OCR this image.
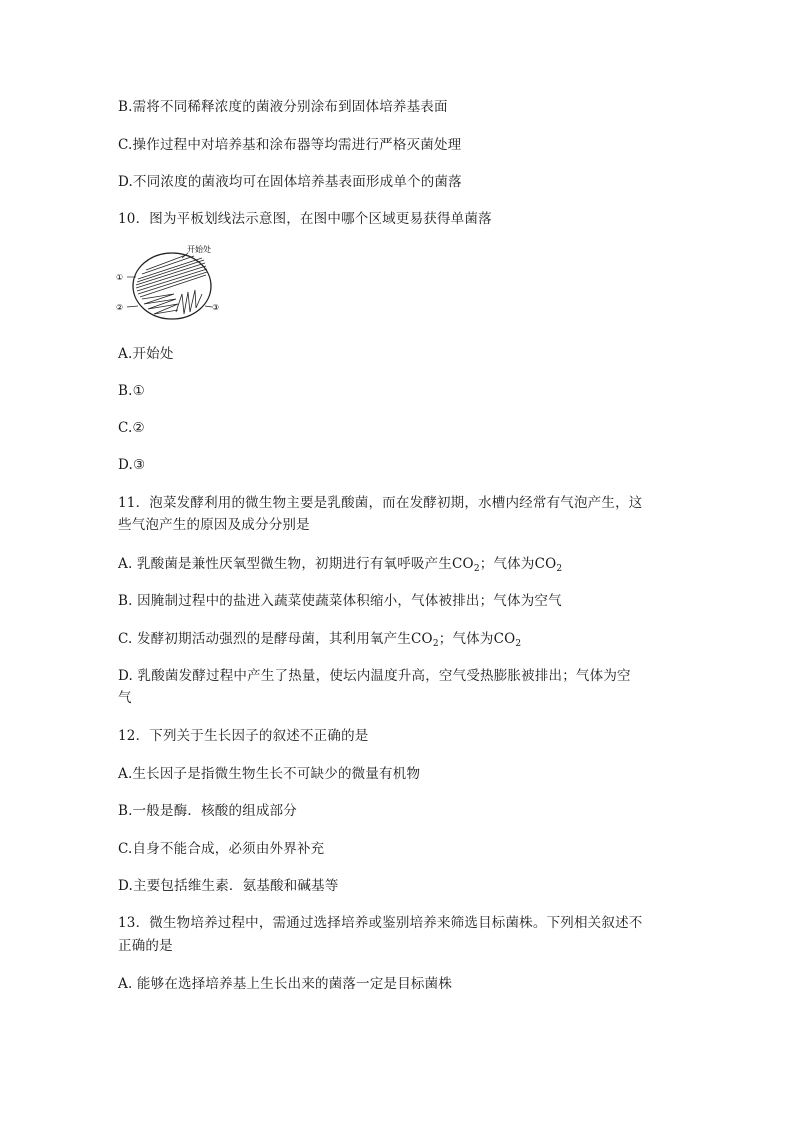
B.需将不同稀释浓度的菌液分别涂布到固体培养基表面
C.操作过程中对培养基和涂布器等均需进行严格灭菌处理
D.不同浓度的菌液均可在固体培养基表面形成单个的菌落
10．图为平板划线法示意图，在图中哪个区域更易获得单菌落
开始处
①
②	③
A.开始处
B.①
C.②
D.③
11．泡菜发酵利用的微生物主要是乳酸菌，而在发酵初期，水槽内经常有气泡产生，这
些气泡产生的原因及成分分别是
A. 乳酸菌是兼性厌氧型微生物，初期进行有氧呼吸产生$CO_2$；气体为$CO_2$
B. 因腌制过程中的盐进入蔬菜使蔬菜体积缩小，气体被排出；气体为空气
C. 发酵初期活动强烈的是酵母菌，其利用氧产生$CO_2$；气体为$CO_2$
D. 乳酸菌发酵过程中产生了热量，使坛内温度升高，空气受热膨胀被排出；气体为空
气
12．下列关于生长因子的叙述不正确的是
A.生长因子是指微生物生长不可缺少的微量有机物
B.一般是酶．核酸的组成部分
C.自身不能合成，必须由外界补充
D.主要包括维生素．氨基酸和碱基等
13．微生物培养过程中，需通过选择培养或鉴别培养来筛选目标菌株。下列相关叙述不
正确的是
A. 能够在选择培养基上生长出来的菌落一定是目标菌株
